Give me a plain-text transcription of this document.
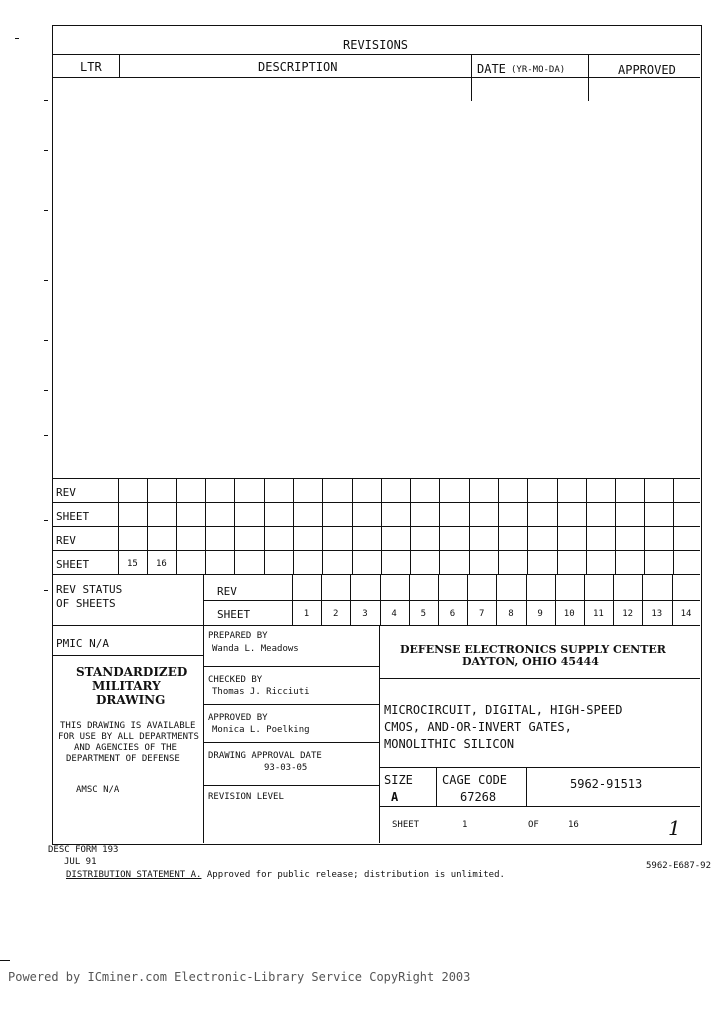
REVISIONS
LTR	DESCRIPTION	DATE (YR-MO-DA)	APPROVED
REV
SHEET
REV
SHEET	15 16
REV STATUS
OF SHEETS
REV
SHEET	1	2	3	4	5	6	7	8	9 10 11 12 13 14
PMIC N/A
STANDARDIZED
MILITARY
DRAWING
THIS DRAWING IS AVAILABLE
FOR USE BY ALL DEPARTMENTS
AND AGENCIES OF THE
DEPARTMENT OF DEFENSE
AMSC N/A
PREPARED BY
Wanda L. Meadows
CHECKED BY
Thomas J. Ricciuti
APPROVED BY
Monica L. Poelking
DRAWING APPROVAL DATE
93-03-05
REVISION LEVEL
DEFENSE ELECTRONICS SUPPLY CENTER
DAYTON, OHIO 45444
MICROCIRCUIT, DIGITAL, HIGH-SPEED
CMOS, AND-OR-INVERT GATES,
MONOLITHIC SILICON
SIZE
A
CAGE CODE
67268
5962-91513
SHEET	1	OF	16	1
DESC FORM 193
JUL 91
DISTRIBUTION STATEMENT A. Approved for public release; distribution is unlimited.
5962-E687-92
Powered by ICminer.com Electronic-Library Service CopyRight 2003
